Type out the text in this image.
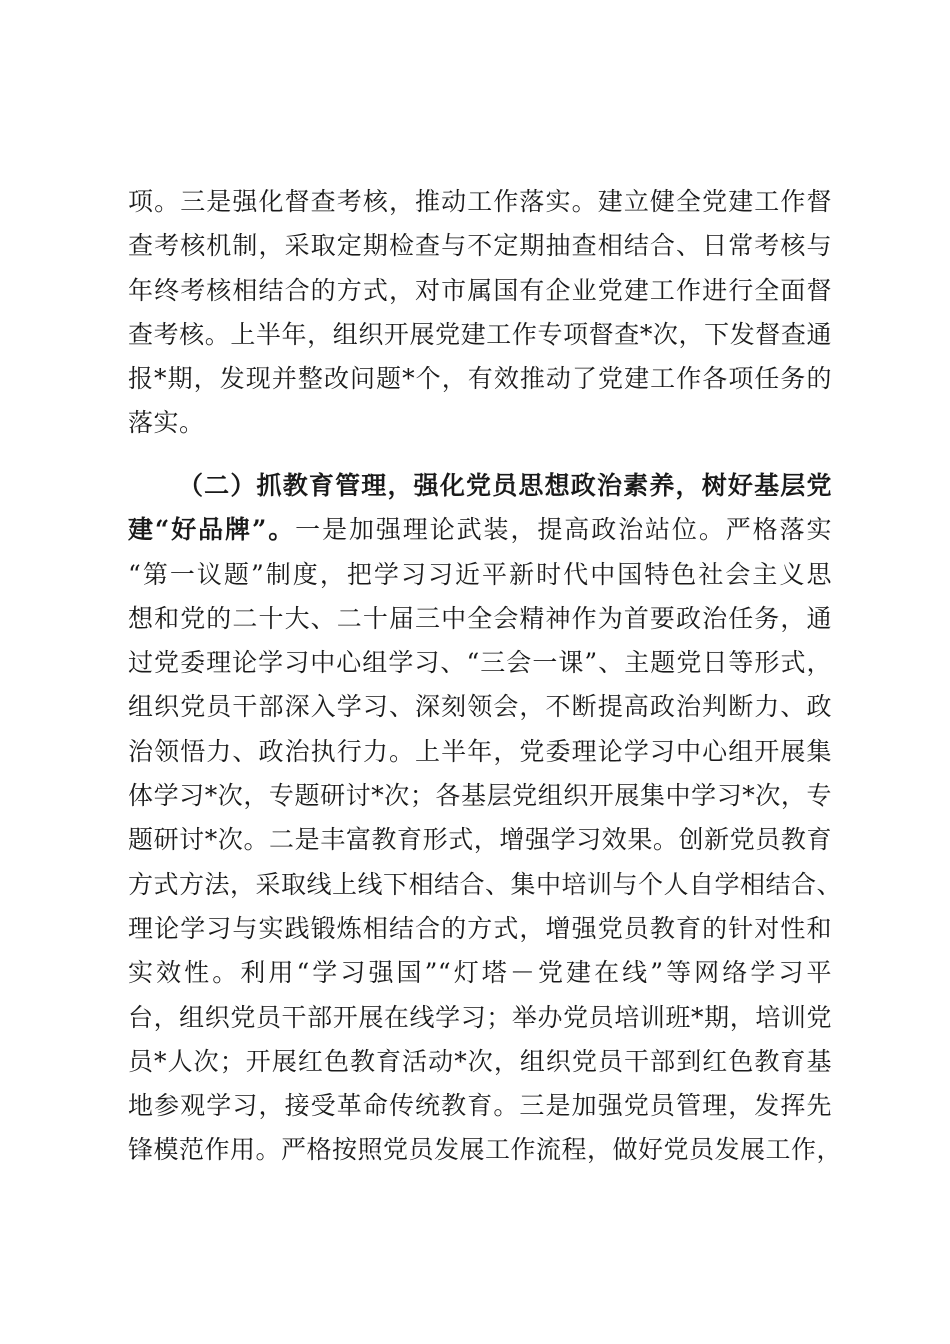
项。三是强化督查考核，推动工作落实。建立健全党建工作督
查考核机制，采取定期检查与不定期抽查相结合、日常考核与
年终考核相结合的方式，对市属国有企业党建工作进行全面督
查考核。上半年，组织开展党建工作专项督查*次，下发督查通
报*期，发现并整改问题*个，有效推动了党建工作各项任务的
落实。
（二）抓教育管理，强化党员思想政治素养，树好基层党
建“好品牌”。一是加强理论武装，提高政治站位。严格落实
“第一议题”制度，把学习习近平新时代中国特色社会主义思
想和党的二十大、二十届三中全会精神作为首要政治任务，通
过党委理论学习中心组学习、“三会一课”、主题党日等形式，
组织党员干部深入学习、深刻领会，不断提高政治判断力、政
治领悟力、政治执行力。上半年，党委理论学习中心组开展集
体学习*次，专题研讨*次；各基层党组织开展集中学习*次，专
题研讨*次。二是丰富教育形式，增强学习效果。创新党员教育
方式方法，采取线上线下相结合、集中培训与个人自学相结合、
理论学习与实践锻炼相结合的方式，增强党员教育的针对性和
实效性。利用“学习强国”“灯塔－党建在线”等网络学习平
台，组织党员干部开展在线学习；举办党员培训班*期，培训党
员*人次；开展红色教育活动*次，组织党员干部到红色教育基
地参观学习，接受革命传统教育。三是加强党员管理，发挥先
锋模范作用。严格按照党员发展工作流程，做好党员发展工作，
